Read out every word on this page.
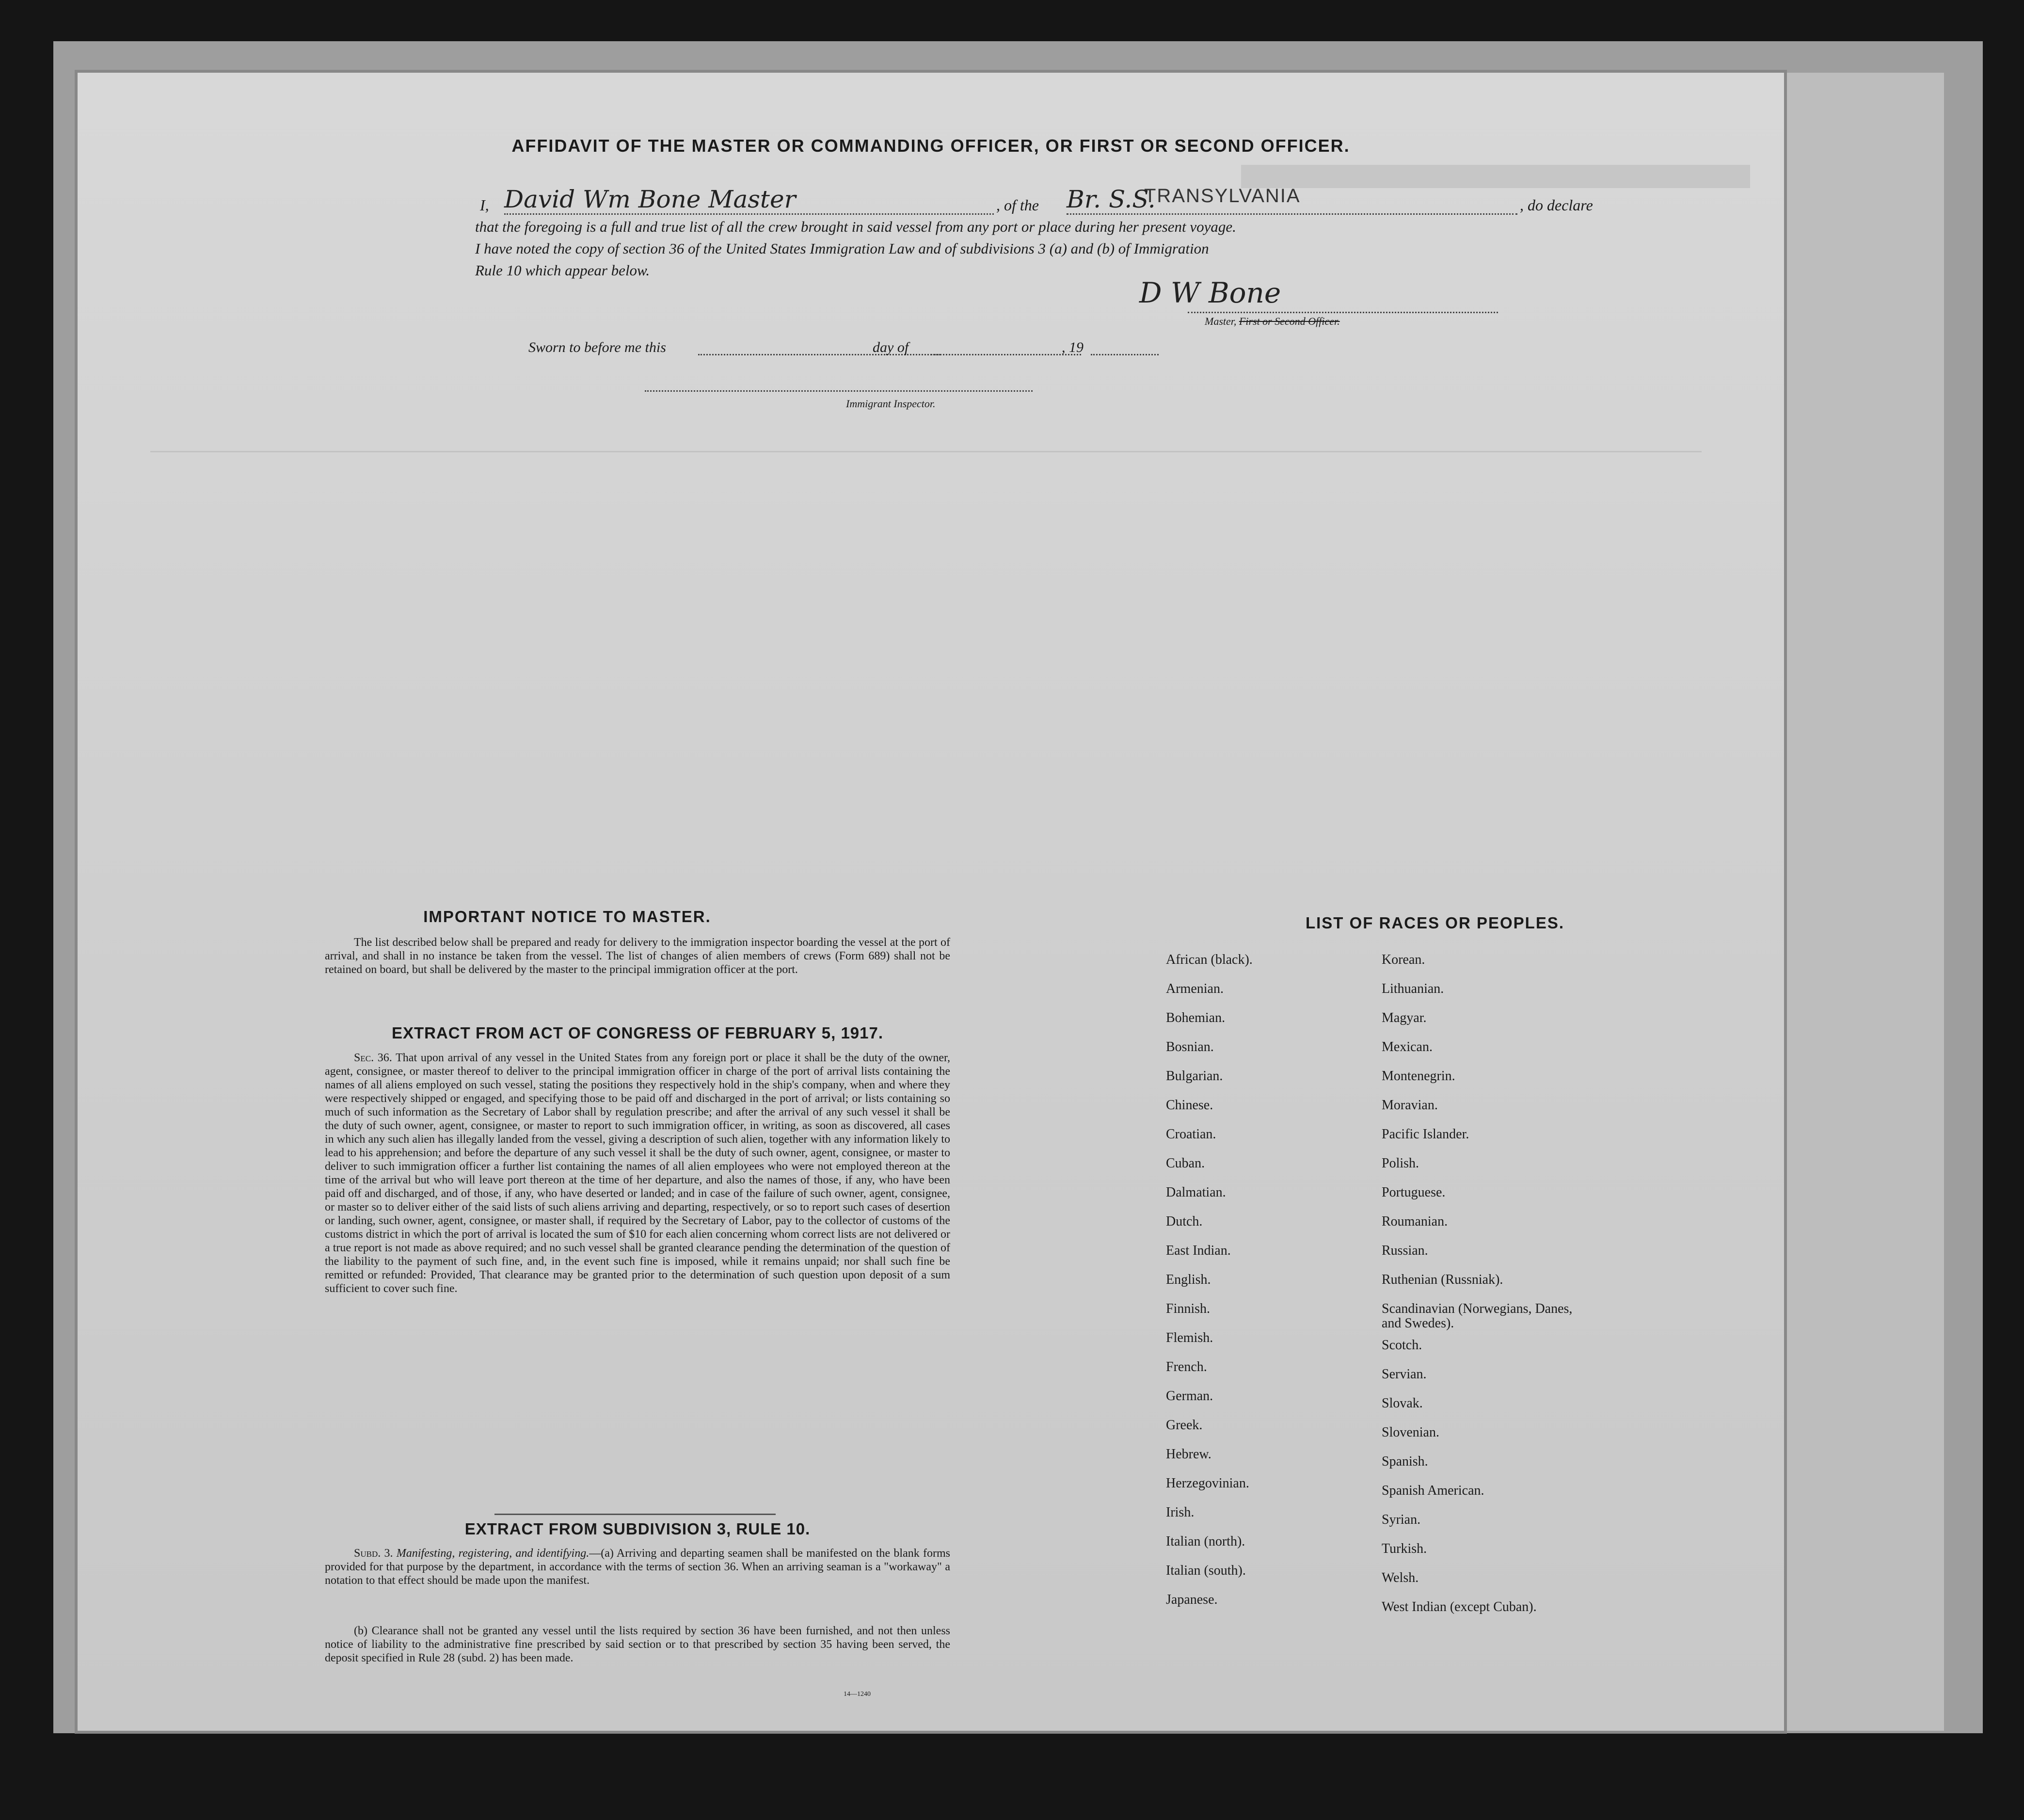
AFFIDAVIT OF THE MASTER OR COMMANDING OFFICER, OR FIRST OR SECOND OFFICER.
I, David Wm Bone Master	, of the Br. S.S.
TRANSYLVANIA	, do declare
that the foregoing is a full and true list of all the crew brought in said vessel from any port or place during her present voyage.
I have noted the copy of section 36 of the United States Immigration Law and of subdivisions 3 (a) and (b) of Immigration
Rule 10 which appear below.
D W Bone
Master, First or Second Officer.
Sworn to before me this	day of	, 19
Immigrant Inspector.
IMPORTANT NOTICE TO MASTER.
The list described below shall be prepared and ready for delivery to the immigration inspector boarding the vessel at the port of arrival, and shall in no instance be taken from the vessel. The list of changes of alien members of crews (Form 689) shall not be retained on board, but shall be delivered by the master to the principal immigration officer at the port.
EXTRACT FROM ACT OF CONGRESS OF FEBRUARY 5, 1917.
Sec. 36. That upon arrival of any vessel in the United States from any foreign port or place it shall be the duty of the owner, agent, consignee, or master thereof to deliver to the principal immigration officer in charge of the port of arrival lists containing the names of all aliens employed on such vessel, stating the positions they respectively hold in the ship's company, when and where they were respectively shipped or engaged, and specifying those to be paid off and discharged in the port of arrival; or lists containing so much of such information as the Secretary of Labor shall by regulation prescribe; and after the arrival of any such vessel it shall be the duty of such owner, agent, consignee, or master to report to such immigration officer, in writing, as soon as discovered, all cases in which any such alien has illegally landed from the vessel, giving a description of such alien, together with any information likely to lead to his apprehension; and before the departure of any such vessel it shall be the duty of such owner, agent, consignee, or master to deliver to such immigration officer a further list containing the names of all alien employees who were not employed thereon at the time of the arrival but who will leave port thereon at the time of her departure, and also the names of those, if any, who have been paid off and discharged, and of those, if any, who have deserted or landed; and in case of the failure of such owner, agent, consignee, or master so to deliver either of the said lists of such aliens arriving and departing, respectively, or so to report such cases of desertion or landing, such owner, agent, consignee, or master shall, if required by the Secretary of Labor, pay to the collector of customs of the customs district in which the port of arrival is located the sum of $10 for each alien concerning whom correct lists are not delivered or a true report is not made as above required; and no such vessel shall be granted clearance pending the determination of the question of the liability to the payment of such fine, and, in the event such fine is imposed, while it remains unpaid; nor shall such fine be remitted or refunded: Provided, That clearance may be granted prior to the determination of such question upon deposit of a sum sufficient to cover such fine.
EXTRACT FROM SUBDIVISION 3, RULE 10.
Subd. 3. Manifesting, registering, and identifying.—(a) Arriving and departing seamen shall be manifested on the blank forms provided for that purpose by the department, in accordance with the terms of section 36. When an arriving seaman is a "workaway" a notation to that effect should be made upon the manifest.
(b) Clearance shall not be granted any vessel until the lists required by section 36 have been furnished, and not then unless notice of liability to the administrative fine prescribed by said section or to that prescribed by section 35 having been served, the deposit specified in Rule 28 (subd. 2) has been made.
14—1240
LIST OF RACES OR PEOPLES.
African (black).
Armenian.
Bohemian.
Bosnian.
Bulgarian.
Chinese.
Croatian.
Cuban.
Dalmatian.
Dutch.
East Indian.
English.
Finnish.
Flemish.
French.
German.
Greek.
Hebrew.
Herzegovinian.
Irish.
Italian (north).
Italian (south).
Japanese.
Korean.
Lithuanian.
Magyar.
Mexican.
Montenegrin.
Moravian.
Pacific Islander.
Polish.
Portuguese.
Roumanian.
Russian.
Ruthenian (Russniak).
Scandinavian (Norwegians, Danes, and Swedes).
Scotch.
Servian.
Slovak.
Slovenian.
Spanish.
Spanish American.
Syrian.
Turkish.
Welsh.
West Indian (except Cuban).
